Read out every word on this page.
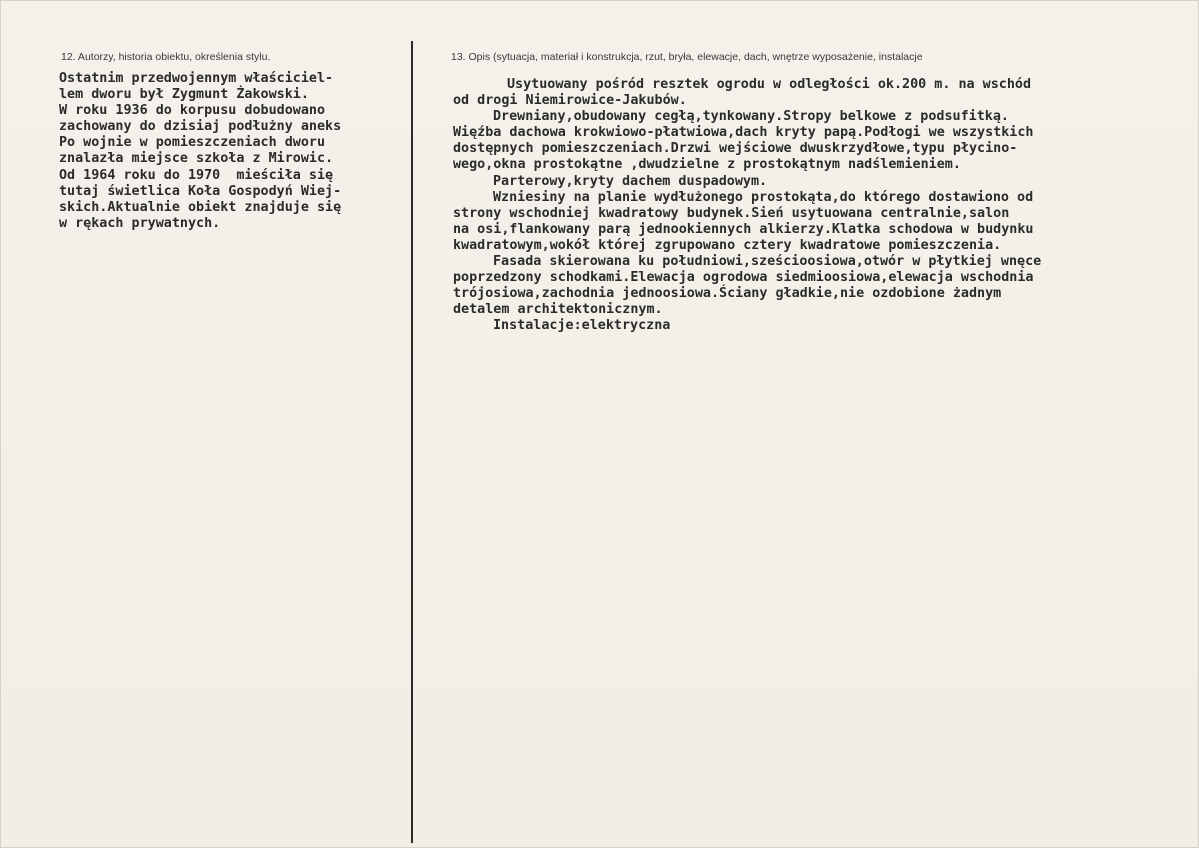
12. Autorzy, historia obiektu, określenia stylu.	13. Opis (sytuacja, materiał i konstrukcja, rzut, bryła, elewacje, dach, wnętrze wyposażenie, instalacje
Ostatnim przedwojennym właściciel-
lem dworu był Zygmunt Żakowski.
W roku 1936 do korpusu dobudowano
zachowany do dzisiaj podłużny aneks
Po wojnie w pomieszczeniach dworu
znalazła miejsce szkoła z Mirowic.
Od 1964 roku do 1970  mieściła się
tutaj świetlica Koła Gospodyń Wiej-
skich.Aktualnie obiekt znajduje się
w rękach prywatnych.
Usytuowany pośród resztek ogrodu w odległości ok.200 m. na wschód
od drogi Niemirowice-Jakubów.
Drewniany,obudowany cegłą,tynkowany.Stropy belkowe z podsufitką.
Więźba dachowa krokwiowo-płatwiowa,dach kryty papą.Podłogi we wszystkich
dostępnych pomieszczeniach.Drzwi wejściowe dwuskrzydłowe,typu płycino-
wego,okna prostokątne ,dwudzielne z prostokątnym nadślemieniem.
Parterowy,kryty dachem duspadowym.
Wzniesiny na planie wydłużonego prostokąta,do którego dostawiono od
strony wschodniej kwadratowy budynek.Sień usytuowana centralnie,salon
na osi,flankowany parą jednookiennych alkierzy.Klatka schodowa w budynku
kwadratowym,wokół której zgrupowano cztery kwadratowe pomieszczenia.
Fasada skierowana ku południowi,sześcioosiowa,otwór w płytkiej wnęce
poprzedzony schodkami.Elewacja ogrodowa siedmioosiowa,elewacja wschodnia
trójosiowa,zachodnia jednoosiowa.Ściany gładkie,nie ozdobione żadnym
detalem architektonicznym.
Instalacje:elektryczna
